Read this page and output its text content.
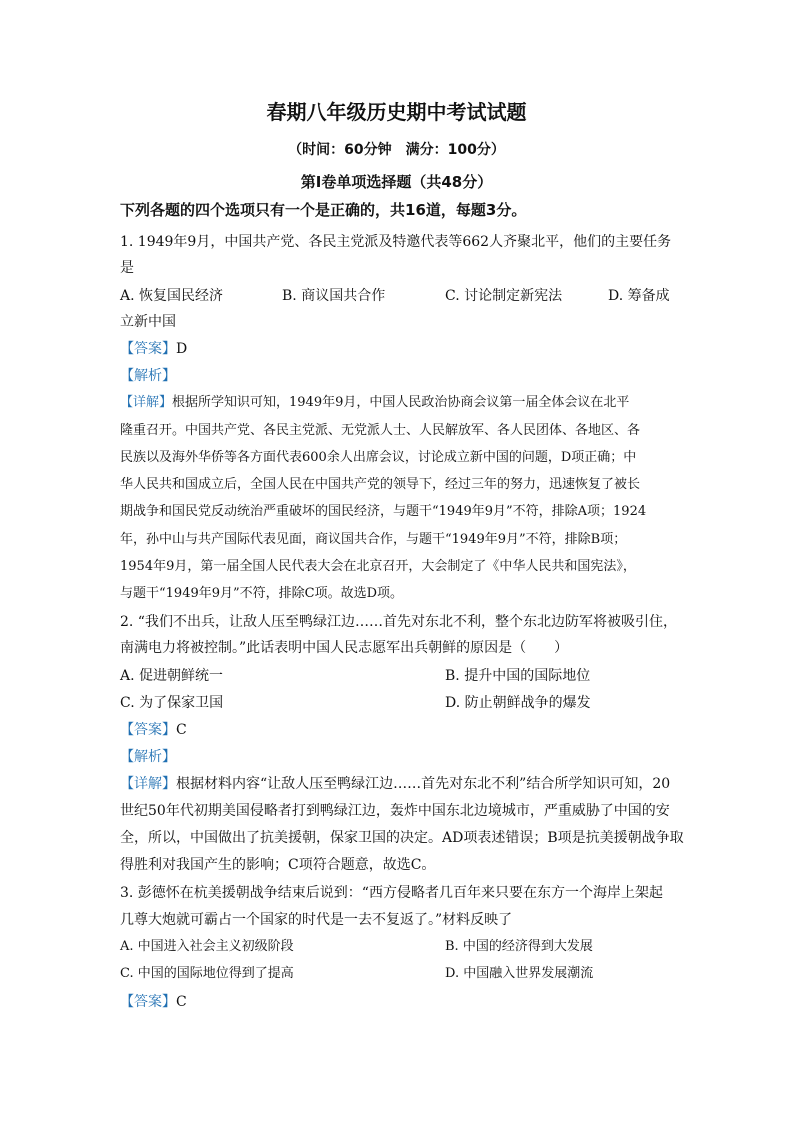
春期八年级历史期中考试试题
（时间：60分钟　满分：100分）
第Ⅰ卷单项选择题（共48分）
下列各题的四个选项只有一个是正确的，共16道，每题3分。
1. 1949年9月，中国共产党、各民主党派及特邀代表等662人齐聚北平，他们的主要任务
是
A. 恢复国民经济	B. 商议国共合作	C. 讨论制定新宪法	D. 筹备成
立新中国
【答案】D
【解析】
【详解】根据所学知识可知，1949年9月，中国人民政治协商会议第一届全体会议在北平
隆重召开。中国共产党、各民主党派、无党派人士、人民解放军、各人民团体、各地区、各
民族以及海外华侨等各方面代表600余人出席会议，讨论成立新中国的问题，D项正确；中
华人民共和国成立后，全国人民在中国共产党的领导下，经过三年的努力，迅速恢复了被长
期战争和国民党反动统治严重破坏的国民经济，与题干“1949年9月”不符，排除A项；1924
年，孙中山与共产国际代表见面，商议国共合作，与题干“1949年9月”不符，排除B项；
1954年9月，第一届全国人民代表大会在北京召开，大会制定了《中华人民共和国宪法》，
与题干“1949年9月”不符，排除C项。故选D项。
2. “我们不出兵，让敌人压至鸭绿江边……首先对东北不利，整个东北边防军将被吸引住，
南满电力将被控制。”此话表明中国人民志愿军出兵朝鲜的原因是（　　）
A. 促进朝鲜统一	B. 提升中国的国际地位
C. 为了保家卫国	D. 防止朝鲜战争的爆发
【答案】C
【解析】
【详解】根据材料内容“让敌人压至鸭绿江边……首先对东北不利”结合所学知识可知，20
世纪50年代初期美国侵略者打到鸭绿江边，轰炸中国东北边境城市，严重威胁了中国的安
全，所以，中国做出了抗美援朝，保家卫国的决定。AD项表述错误；B项是抗美援朝战争取
得胜利对我国产生的影响；C项符合题意，故选C。
3. 彭德怀在杭美援朝战争结束后说到：“西方侵略者几百年来只要在东方一个海岸上架起
几尊大炮就可霸占一个国家的时代是一去不复返了。”材料反映了
A. 中国进入社会主义初级阶段	B. 中国的经济得到大发展
C. 中国的国际地位得到了提高	D. 中国融入世界发展潮流
【答案】C
